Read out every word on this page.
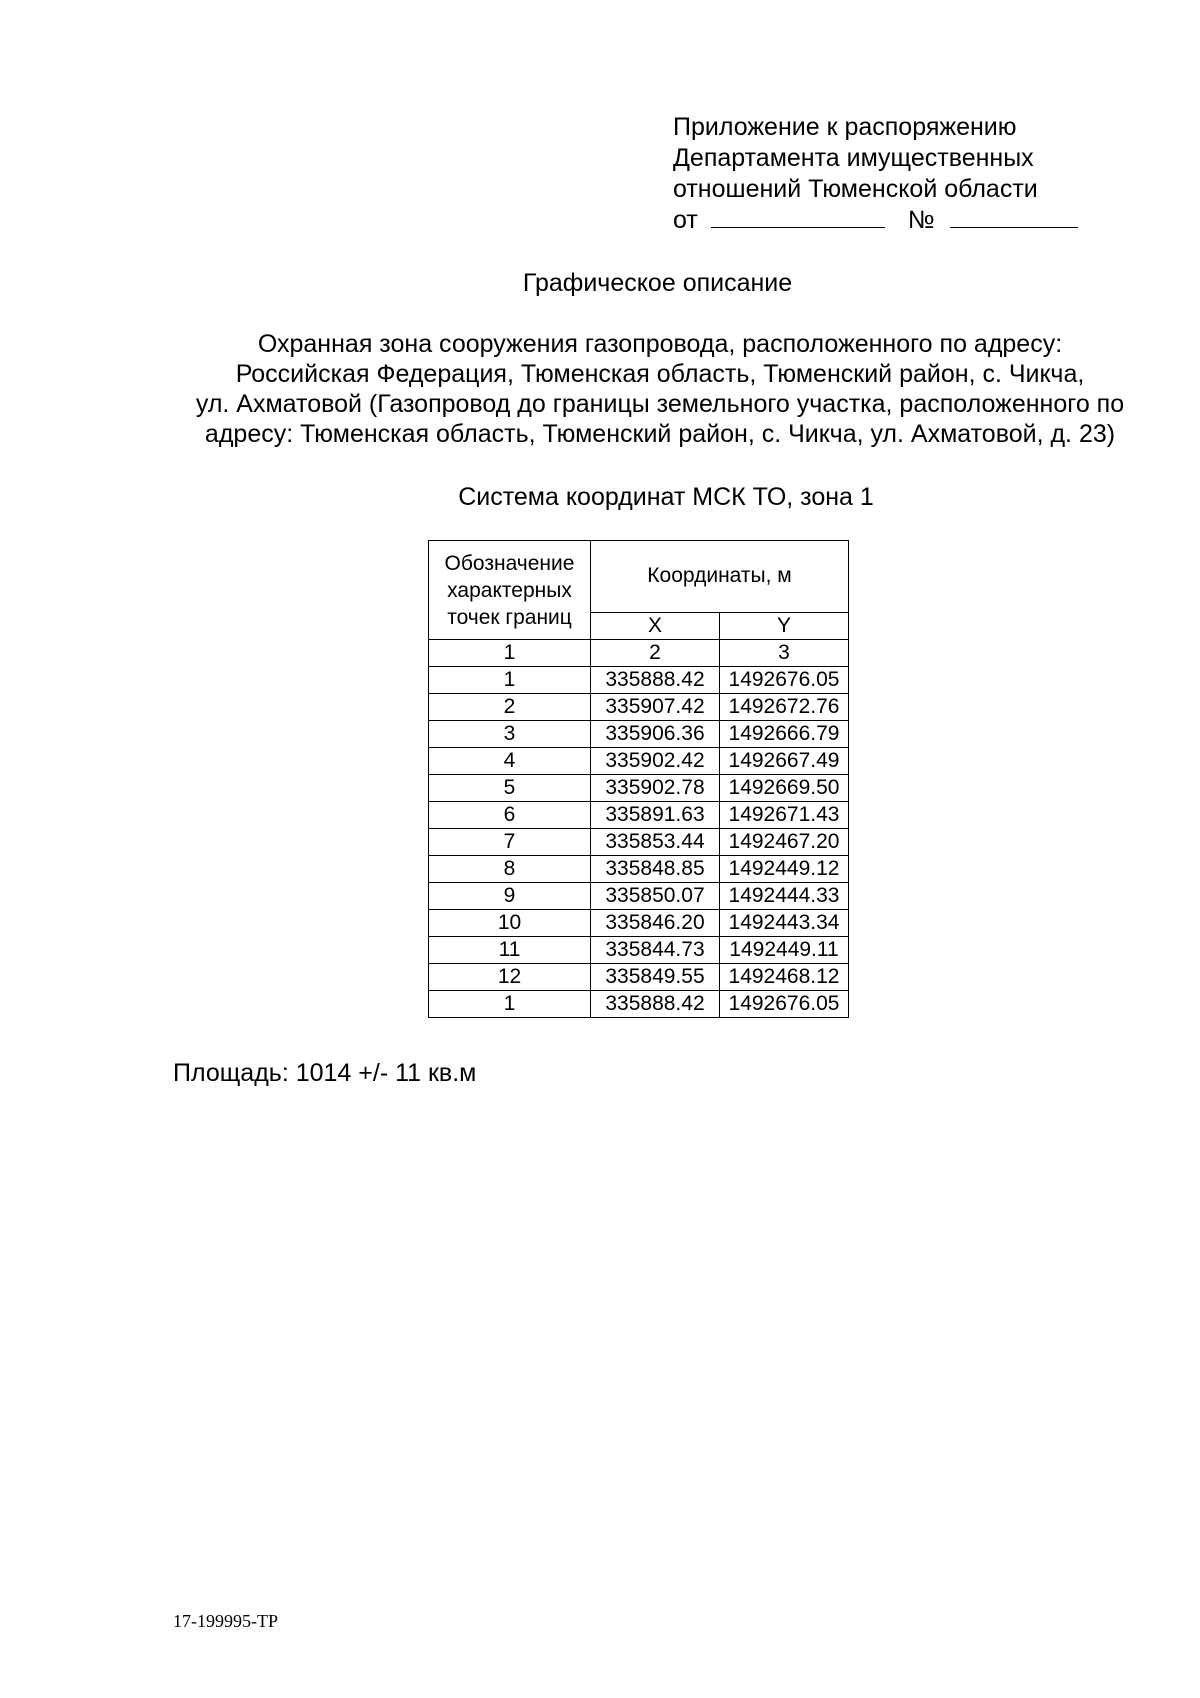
Приложение к распоряжению
Департамента имущественных
отношений Тюменской области
от	№
Графическое описание
Охранная зона сооружения газопровода, расположенного по адресу:
Российская Федерация, Тюменская область, Тюменский район, с. Чикча,
ул. Ахматовой (Газопровод до границы земельного участка, расположенного по
адресу: Тюменская область, Тюменский район, с. Чикча, ул. Ахматовой, д. 23)
Система координат МСК ТО, зона 1
Обозначение
характерных
точек границ	Координаты, м	
	X	Y
1	2	3
1	335888.42	1492676.05
2	335907.42	1492672.76
3	335906.36	1492666.79
4	335902.42	1492667.49
5	335902.78	1492669.50
6	335891.63	1492671.43
7	335853.44	1492467.20
8	335848.85	1492449.12
9	335850.07	1492444.33
10	335846.20	1492443.34
11	335844.73	1492449.11
12	335849.55	1492468.12
1	335888.42	1492676.05
Площадь: 1014 +/- 11 кв.м
17-199995-ТР
